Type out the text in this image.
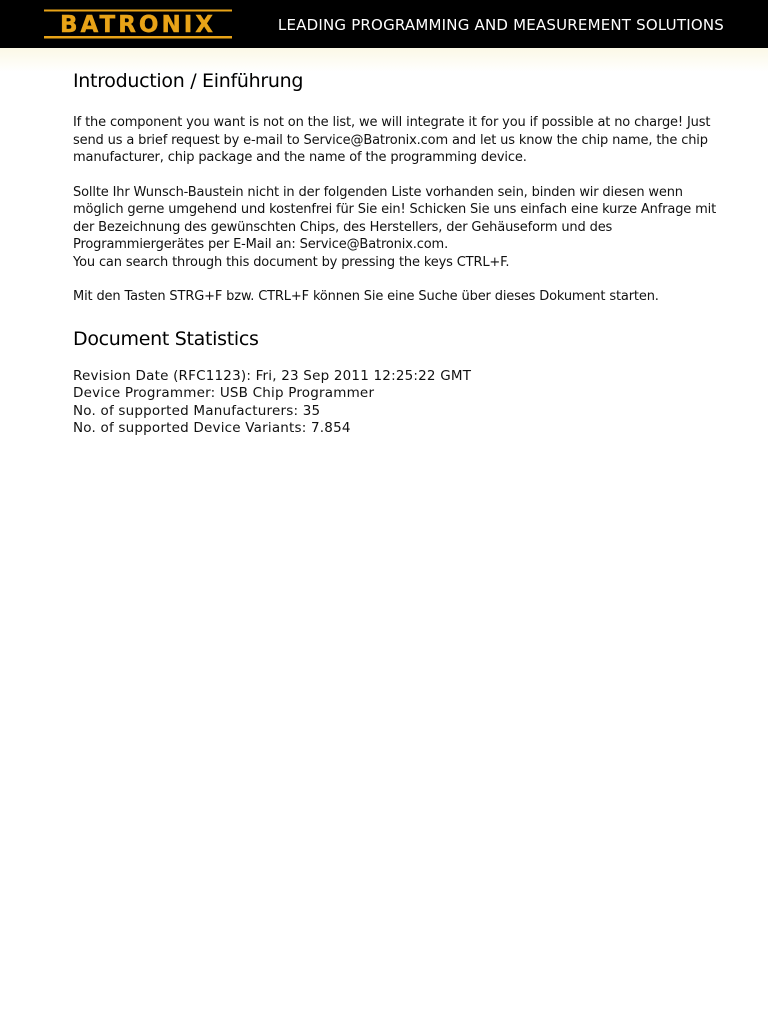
BATRONIX	LEADING PROGRAMMING AND MEASUREMENT SOLUTIONS
Introduction / Einführung

If the component you want is not on the list, we will integrate it for you if possible at no charge! Just send us a brief request by e-mail to Service@Batronix.com and let us know the chip name, the chip manufacturer, chip package and the name of the programming device.

Sollte Ihr Wunsch-Baustein nicht in der folgenden Liste vorhanden sein, binden wir diesen wenn möglich gerne umgehend und kostenfrei für Sie ein! Schicken Sie uns einfach eine kurze Anfrage mit der Bezeichnung des gewünschten Chips, des Herstellers, der Gehäuseform und des Programmiergerätes per E-Mail an: Service@Batronix.com.

You can search through this document by pressing the keys CTRL+F.

Mit den Tasten STRG+F bzw. CTRL+F können Sie eine Suche über dieses Dokument starten.

Document Statistics
Revision Date (RFC1123): Fri, 23 Sep 2011 12:25:22 GMT
Device Programmer: USB Chip Programmer
No. of supported Manufacturers: 35
No. of supported Device Variants: 7.854
